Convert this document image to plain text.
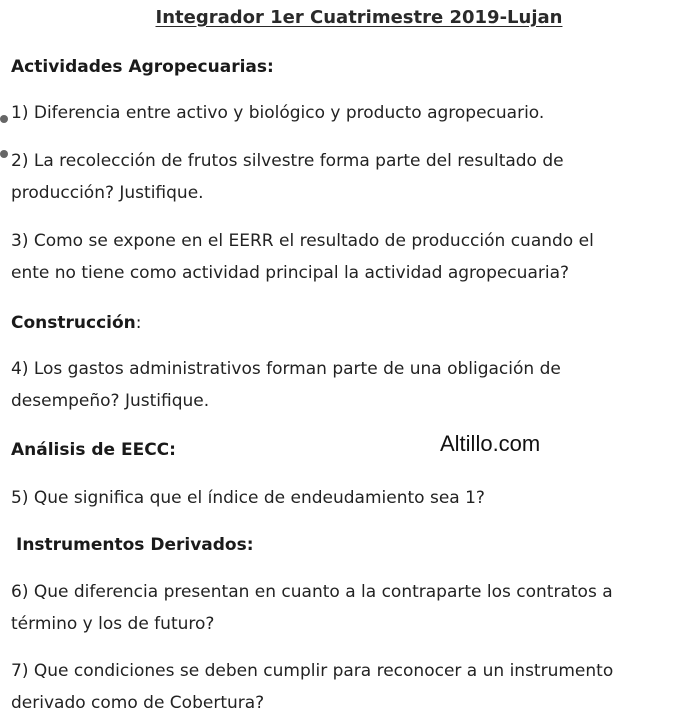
Integrador 1er Cuatrimestre 2019-Lujan
Actividades Agropecuarias:
1) Diferencia entre activo y biológico y producto agropecuario.
2) La recolección de frutos silvestre forma parte del resultado de
producción? Justifique.
3) Como se expone en el EERR el resultado de producción cuando el
ente no tiene como actividad principal la actividad agropecuaria?
Construcción:
4) Los gastos administrativos forman parte de una obligación de
desempeño? Justifique.
Análisis de EECC:	Altillo.com
5) Que significa que el índice de endeudamiento sea 1?
Instrumentos Derivados:
6) Que diferencia presentan en cuanto a la contraparte los contratos a
término y los de futuro?
7) Que condiciones se deben cumplir para reconocer a un instrumento
derivado como de Cobertura?
